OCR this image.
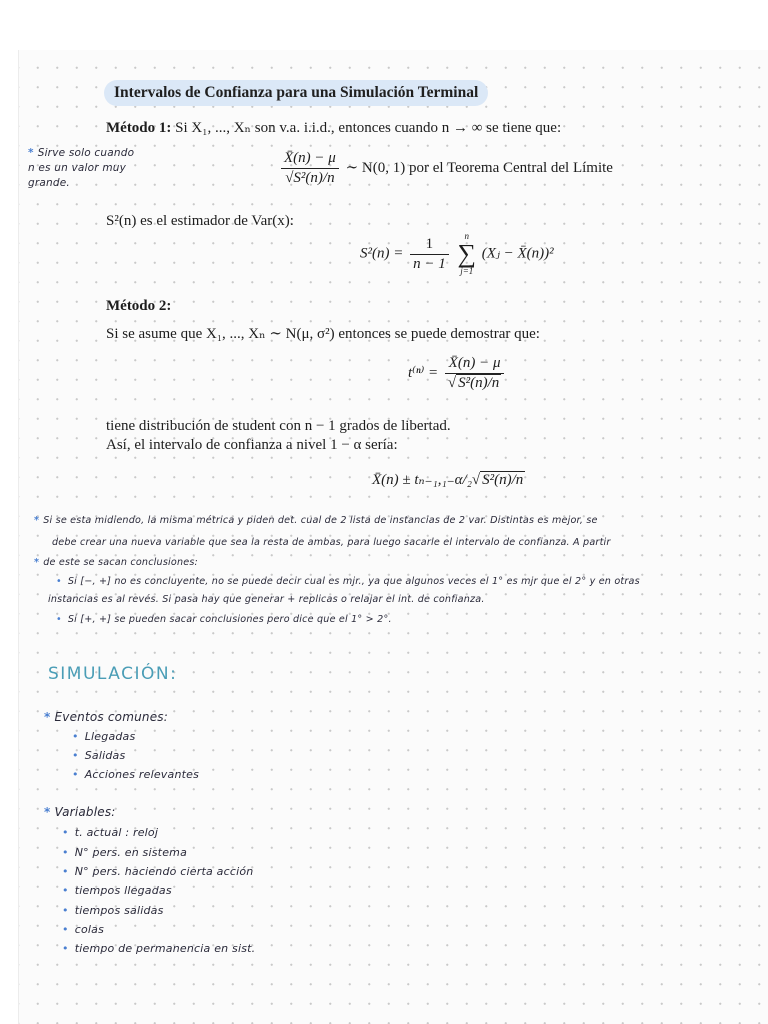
Intervalos de Confianza para una Simulación Terminal
Método 1: Si X₁, ..., Xₙ son v.a. i.i.d., entonces cuando n → ∞ se tiene que:
* Sirve solo cuando
n es un valor muy
grande.	$\frac{X̄(n) - \mu}{\text{√S²(n)/n}}$ ∼ N(0, 1) por el Teorema Central del Límite
S²(n) es el estimador de Var(x):
$S^2(n) = \frac{1}{n - 1}$
	n
∑
j=1
(Xⱼ − X̄(n))²
Método 2:
Si se asume que X₁, ..., Xₙ ∼ N(μ, σ²) entonces se puede demostrar que:
$t^{(n)} = \frac{X̄(n) - \mu}{\text{√ S²(n)/n}}$
tiene distribución de student con n − 1 grados de libertad.
Así, el intervalo de confianza a nivel 1 − α sería:
X̄(n) ± tₙ₋₁,₁₋α/₂√ S²(n)/n
* Si se esta midiendo, la misma métrica y piden det. cual de 2 lista de instancias de 2 var. Distintas es mejor, se
debe crear una nueva variable que sea la resta de ambas, para luego sacarle el intervalo de confianza. A partir
* de este se sacan conclusiones:
• Si [−, +] no es concluyente, no se puede decir cual es mjr., ya que algunos veces el 1° es mjr que el 2° y en otras
instancias es al revés. Si pasa hay que generar + replicas o relajar el int. de confianza.
• Si [+, +] se pueden sacar conclusiones pero dice que el 1° > 2°.
SIMULACIÓN:
* Eventos comunes:
• Llegadas
• Salidas
• Acciones relevantes
* Variables:
• t. actual : reloj
• N° pers. en sistema
• N° pers. haciendo cierta acción
• tiempos llegadas
• tiempos salidas
• colas
• tiempo de permanencia en sist.
